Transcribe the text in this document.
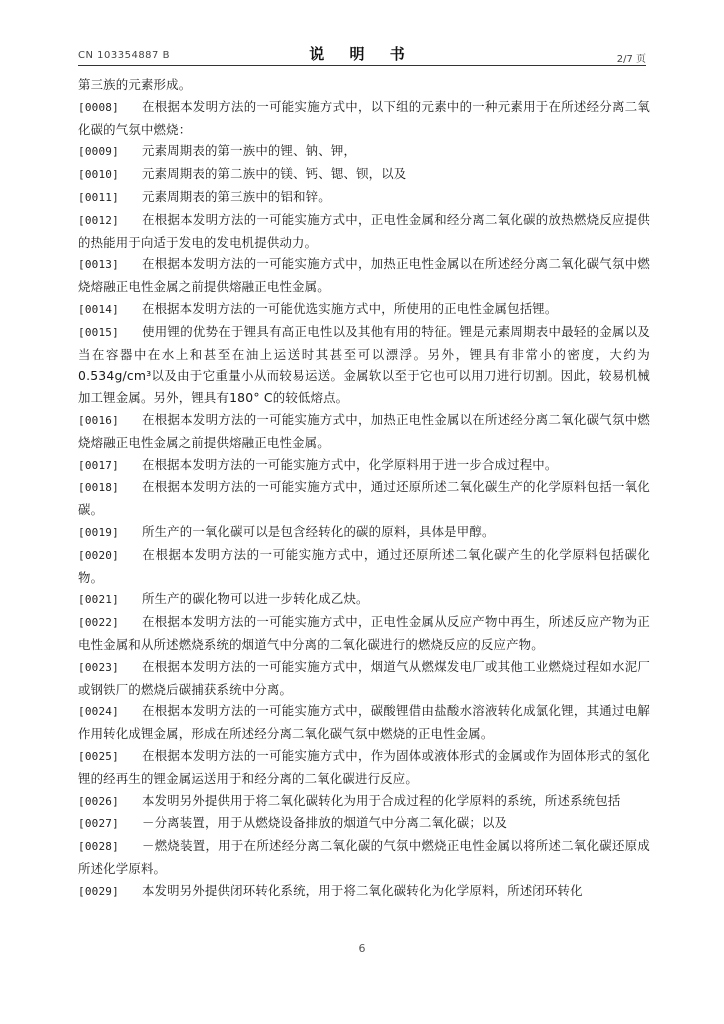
CN 103354887 B	说 明 书	2/7 页

第三族的元素形成。

[0008] 在根据本发明方法的一可能实施方式中，以下组的元素中的一种元素用于在所述经分离二氧化碳的气氛中燃烧：

[0009] 元素周期表的第一族中的锂、钠、钾，

[0010] 元素周期表的第二族中的镁、钙、锶、钡，以及

[0011] 元素周期表的第三族中的铝和锌。

[0012] 在根据本发明方法的一可能实施方式中，正电性金属和经分离二氧化碳的放热燃烧反应提供的热能用于向适于发电的发电机提供动力。

[0013] 在根据本发明方法的一可能实施方式中，加热正电性金属以在所述经分离二氧化碳气氛中燃烧熔融正电性金属之前提供熔融正电性金属。

[0014] 在根据本发明方法的一可能优选实施方式中，所使用的正电性金属包括锂。

[0015] 使用锂的优势在于锂具有高正电性以及其他有用的特征。锂是元素周期表中最轻的金属以及当在容器中在水上和甚至在油上运送时其甚至可以漂浮。另外，锂具有非常小的密度，大约为0.534g/cm³以及由于它重量小从而较易运送。金属软以至于它也可以用刀进行切割。因此，较易机械加工锂金属。另外，锂具有180° C的较低熔点。

[0016] 在根据本发明方法的一可能实施方式中，加热正电性金属以在所述经分离二氧化碳气氛中燃烧熔融正电性金属之前提供熔融正电性金属。

[0017] 在根据本发明方法的一可能实施方式中，化学原料用于进一步合成过程中。

[0018] 在根据本发明方法的一可能实施方式中，通过还原所述二氧化碳生产的化学原料包括一氧化碳。

[0019] 所生产的一氧化碳可以是包含经转化的碳的原料，具体是甲醇。

[0020] 在根据本发明方法的一可能实施方式中，通过还原所述二氧化碳产生的化学原料包括碳化物。

[0021] 所生产的碳化物可以进一步转化成乙炔。

[0022] 在根据本发明方法的一可能实施方式中，正电性金属从反应产物中再生，所述反应产物为正电性金属和从所述燃烧系统的烟道气中分离的二氧化碳进行的燃烧反应的反应产物。

[0023] 在根据本发明方法的一可能实施方式中，烟道气从燃煤发电厂或其他工业燃烧过程如水泥厂或钢铁厂的燃烧后碳捕获系统中分离。

[0024] 在根据本发明方法的一可能实施方式中，碳酸锂借由盐酸水溶液转化成氯化锂，其通过电解作用转化成锂金属，形成在所述经分离二氧化碳气氛中燃烧的正电性金属。

[0025] 在根据本发明方法的一可能实施方式中，作为固体或液体形式的金属或作为固体形式的氢化锂的经再生的锂金属运送用于和经分离的二氧化碳进行反应。

[0026] 本发明另外提供用于将二氧化碳转化为用于合成过程的化学原料的系统，所述系统包括

[0027] －分离装置，用于从燃烧设备排放的烟道气中分离二氧化碳；以及

[0028] －燃烧装置，用于在所述经分离二氧化碳的气氛中燃烧正电性金属以将所述二氧化碳还原成所述化学原料。

[0029] 本发明另外提供闭环转化系统，用于将二氧化碳转化为化学原料，所述闭环转化

6
